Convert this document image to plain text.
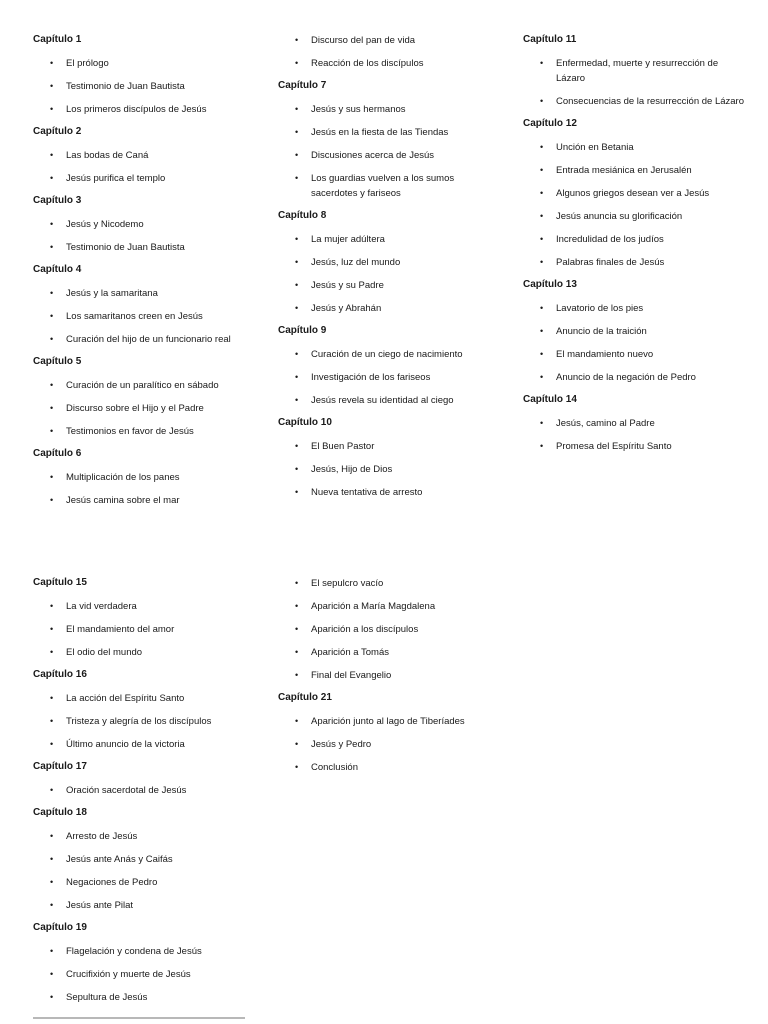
Capítulo 1
• El prólogo
• Testimonio de Juan Bautista
• Los primeros discípulos de Jesús
Capítulo 2
• Las bodas de Caná
• Jesús purifica el templo
Capítulo 3
• Jesús y Nicodemo
• Testimonio de Juan Bautista
Capítulo 4
• Jesús y la samaritana
• Los samaritanos creen en Jesús
• Curación del hijo de un funcionario real
Capítulo 5
• Curación de un paralítico en sábado
• Discurso sobre el Hijo y el Padre
• Testimonios en favor de Jesús
Capítulo 6
• Multiplicación de los panes
• Jesús camina sobre el mar
• Discurso del pan de vida
• Reacción de los discípulos
Capítulo 7
• Jesús y sus hermanos
• Jesús en la fiesta de las Tiendas
• Discusiones acerca de Jesús
• Los guardias vuelven a los sumos sacerdotes y fariseos
Capítulo 8
• La mujer adúltera
• Jesús, luz del mundo
• Jesús y su Padre
• Jesús y Abrahán
Capítulo 9
• Curación de un ciego de nacimiento
• Investigación de los fariseos
• Jesús revela su identidad al ciego
Capítulo 10
• El Buen Pastor
• Jesús, Hijo de Dios
• Nueva tentativa de arresto
Capítulo 11
• Enfermedad, muerte y resurrección de Lázaro
• Consecuencias de la resurrección de Lázaro
Capítulo 12
• Unción en Betania
• Entrada mesiánica en Jerusalén
• Algunos griegos desean ver a Jesús
• Jesús anuncia su glorificación
• Incredulidad de los judíos
• Palabras finales de Jesús
Capítulo 13
• Lavatorio de los pies
• Anuncio de la traición
• El mandamiento nuevo
• Anuncio de la negación de Pedro
Capítulo 14
• Jesús, camino al Padre
• Promesa del Espíritu Santo
Capítulo 15
• La vid verdadera
• El mandamiento del amor
• El odio del mundo
Capítulo 16
• La acción del Espíritu Santo
• Tristeza y alegría de los discípulos
• Último anuncio de la victoria
Capítulo 17
• Oración sacerdotal de Jesús
Capítulo 18
• Arresto de Jesús
• Jesús ante Anás y Caifás
• Negaciones de Pedro
• Jesús ante Pilat
Capítulo 19
• Flagelación y condena de Jesús
• Crucifixión y muerte de Jesús
• Sepultura de Jesús
• El sepulcro vacío
• Aparición a María Magdalena
• Aparición a los discípulos
• Aparición a Tomás
• Final del Evangelio
Capítulo 21
• Aparición junto al lago de Tiberíades
• Jesús y Pedro
• Conclusión
